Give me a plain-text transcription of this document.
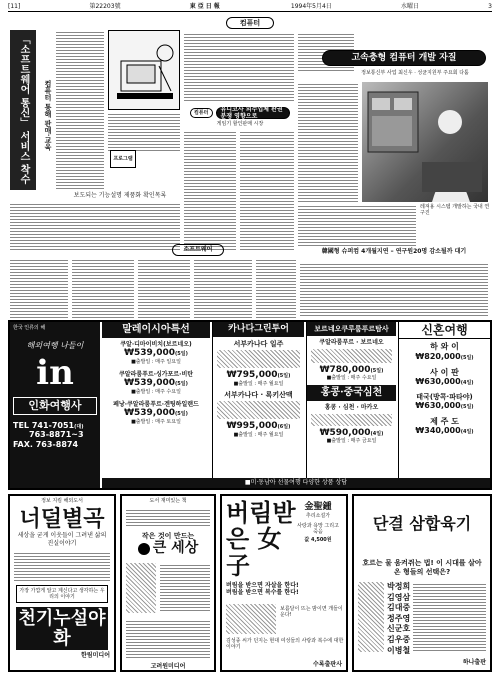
[11]	第22203號	東亞日報	1994年5月4日	水曜日	3
컴퓨터
「소프트웨어 통신」 서비스 착수	컴퓨터 통해 판매·교육
프로그램
보도되는 기능설명 제품화 확인목록
컴퓨터
유니코사 외주업체 판권분쟁 영향으로
게임기 할인판매 시장
고속충형 컴퓨터 개발 자질
정보통신부 사업 최신우 · 성균지원부 주요회 다툼
레져용 시스템 개발하는 국내 연구진
韓國형 슈퍼컴 4개월지연 – 연구원20명 감소될까 대기
소프트웨어
한국 인류의 해
해외여행 나들이
in
인화여행사
TEL 741-7051(대)
763-8871~3
FAX. 763-8874
말레이시아특선
쿠알·디마이비치(보르네오)
₩539,000(5일)
■출발일 : 매주 일요일
쿠알라룸푸르·싱가포르·비탄
₩539,000(5일)
■출발일 : 매주 수요일
페낭·쿠알라룸푸르·겐팅하일랜드
₩539,000(5일)
■출발일 : 매주 토요일
카나다그린투어
서부카나다 일주
₩795,000(5일)
■출발일 : 매주 월요일
서부카나다 · 록키산맥
₩995,000(6일)
■출발일 : 매주 월요일
보르네오쿠루룸푸르탐사
쿠알라룸푸르 · 보르네오
₩780,000(5일)
■출발일 : 매주 수요일
홍콩·중국심천
홍콩 · 심천 · 마카오
₩590,000(4일)
■출발일 : 매주 금요일
신혼여행
하 와 이
₩820,000(5일)
사 이 판
₩630,000(4일)
태국(방콕·파타야)
₩630,000(5일)
제 주 도
₩340,000(4일)
■미·동남아 선물여행 다양한 상품 상담
정보 지킴 해외도서
너덜별곡
세상을 굳게 이웃들이 그려낸 삶의 진실이야기
가장 가깝게 알고 계신다고 생각하는 우리의 이야기
천기누설야화
한림미디어
도서 재미있는 책
작은 것이 만드는
큰 세상
고려원미디어
버림받은 女子
金聖鍾
추리소설가
사랑과 욕망 그리고 죽음
값 4,500원
버림을 받으면 자살을 한다!
버림을 받으면 복수를 한다!
보름달이 뜨는 밤이면 개들이 운다!
김성종 씨가 던지는 현대 여성들의 사랑과 복수에 대한 이야기
수록출판사
단결 삼합육기
호르는 물 움켜쥐는 법! 이 시대를 살아온 형들의 선택은?
박정희
김영삼
김대중
정주영
신군호
김우중
이병철
하나출판
